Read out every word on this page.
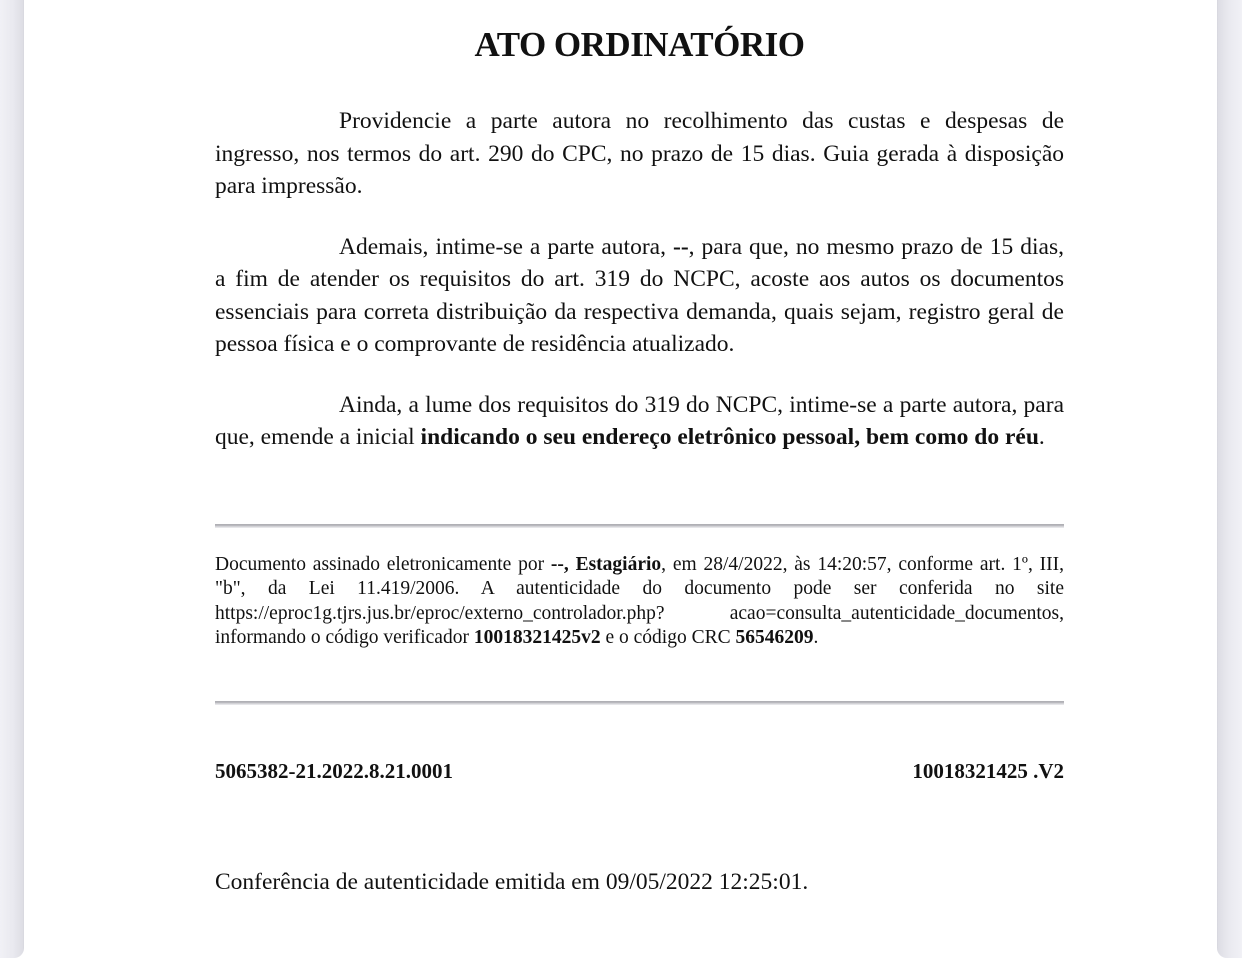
ATO ORDINATÓRIO

Providencie a parte autora no recolhimento das custas e despesas de ingresso, nos termos do art. 290 do CPC, no prazo de 15 dias. Guia gerada à disposição para impressão.

Ademais, intime-se a parte autora, --, para que, no mesmo prazo de 15 dias, a fim de atender os requisitos do art. 319 do NCPC, acoste aos autos os documentos essenciais para correta distribuição da respectiva demanda, quais sejam, registro geral de pessoa física e o comprovante de residência atualizado.

Ainda, a lume dos requisitos do 319 do NCPC, intime-se a parte autora, para que, emende a inicial indicando o seu endereço eletrônico pessoal, bem como do réu.

Documento assinado eletronicamente por --, Estagiário, em 28/4/2022, às 14:20:57, conforme art. 1º, III, "b", da Lei 11.419/2006. A autenticidade do documento pode ser conferida no site https://eproc1g.tjrs.jus.br/eproc/externo_controlador.php? acao=consulta_autenticidade_documentos, informando o código verificador 10018321425v2 e o código CRC 56546209.

5065382-21.2022.8.21.0001	10018321425 .V2

Conferência de autenticidade emitida em 09/05/2022 12:25:01.
